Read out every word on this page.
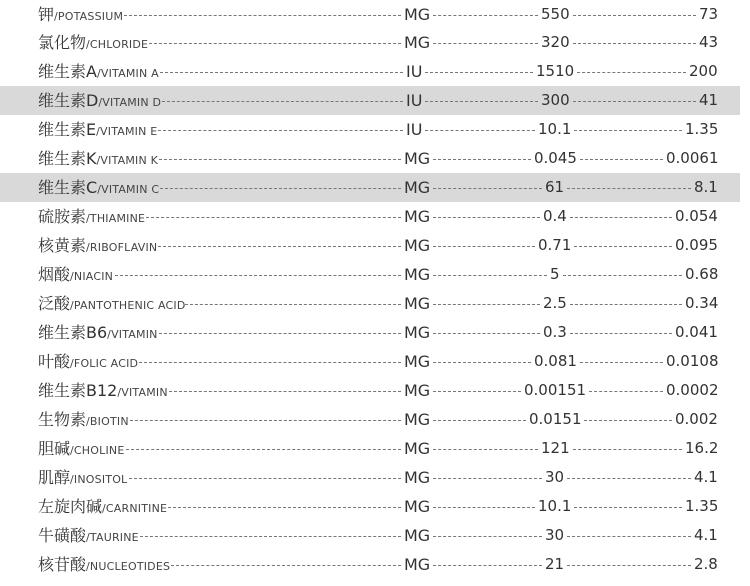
钾/POTASSIUM	MG	550	73
氯化物/CHLORIDE	MG	320	43
维生素A/VITAMIN A	IU	1510	200
维生素D/VITAMIN D	IU	300	41
维生素E/VITAMIN E	IU	10.1	1.35
维生素K/VITAMIN K	MG	0.045	0.0061
维生素C/VITAMIN C	MG	61	8.1
硫胺素/THIAMINE	MG	0.4	0.054
核黄素/RIBOFLAVIN	MG	0.71	0.095
烟酸/NIACIN	MG	5	0.68
泛酸/PANTOTHENIC ACID	MG	2.5	0.34
维生素B6/VITAMIN	MG	0.3	0.041
叶酸/FOLIC ACID	MG	0.081	0.0108
维生素B12/VITAMIN	MG	0.00151	0.0002
生物素/BIOTIN	MG	0.0151	0.002
胆碱/CHOLINE	MG	121	16.2
肌醇/INOSITOL	MG	30	4.1
左旋肉碱/CARNITINE	MG	10.1	1.35
牛磺酸/TAURINE	MG	30	4.1
核苷酸/NUCLEOTIDES	MG	21	2.8
